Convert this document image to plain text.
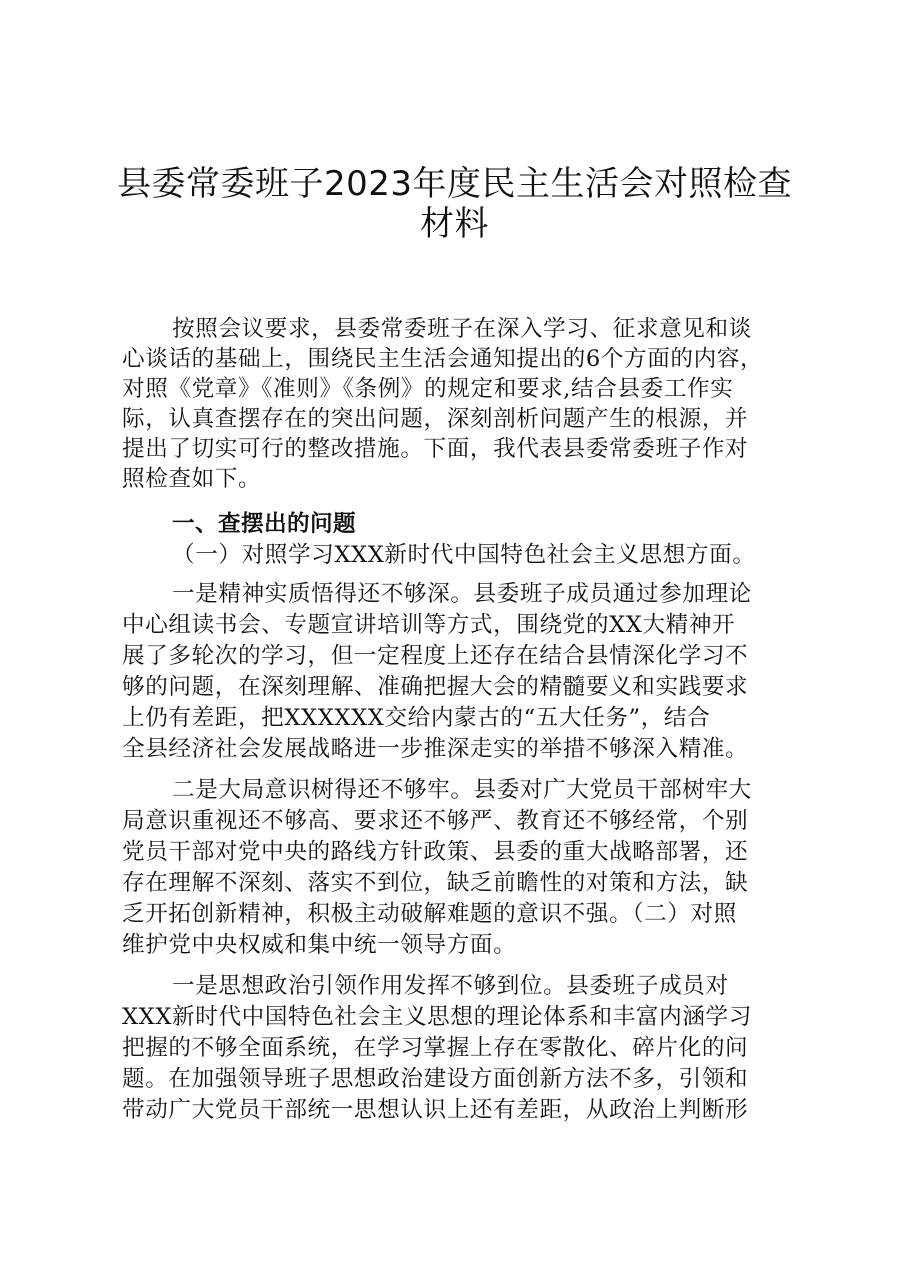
县委常委班子2023年度民主生活会对照检查
材料
按照会议要求，县委常委班子在深入学习、征求意见和谈
心谈话的基础上，围绕民主生活会通知提出的6个方面的内容，
对照《党章》《准则》《条例》的规定和要求,结合县委工作实
际，认真查摆存在的突出问题，深刻剖析问题产生的根源，并
提出了切实可行的整改措施。下面，我代表县委常委班子作对
照检查如下。
一、查摆出的问题
（一）对照学习XXX新时代中国特色社会主义思想方面。
一是精神实质悟得还不够深。县委班子成员通过参加理论
中心组读书会、专题宣讲培训等方式，围绕党的XX大精神开
展了多轮次的学习，但一定程度上还存在结合县情深化学习不
够的问题，在深刻理解、准确把握大会的精髓要义和实践要求
上仍有差距，把XXXXXX交给内蒙古的“五大任务”，结合
全县经济社会发展战略进一步推深走实的举措不够深入精准。
二是大局意识树得还不够牢。县委对广大党员干部树牢大
局意识重视还不够高、要求还不够严、教育还不够经常，个别
党员干部对党中央的路线方针政策、县委的重大战略部署，还
存在理解不深刻、落实不到位，缺乏前瞻性的对策和方法，缺
乏开拓创新精神，积极主动破解难题的意识不强。（二）对照
维护党中央权威和集中统一领导方面。
一是思想政治引领作用发挥不够到位。县委班子成员对
XXX新时代中国特色社会主义思想的理论体系和丰富内涵学习
把握的不够全面系统，在学习掌握上存在零散化、碎片化的问
题。在加强领导班子思想政治建设方面创新方法不多，引领和
带动广大党员干部统一思想认识上还有差距，从政治上判断形
